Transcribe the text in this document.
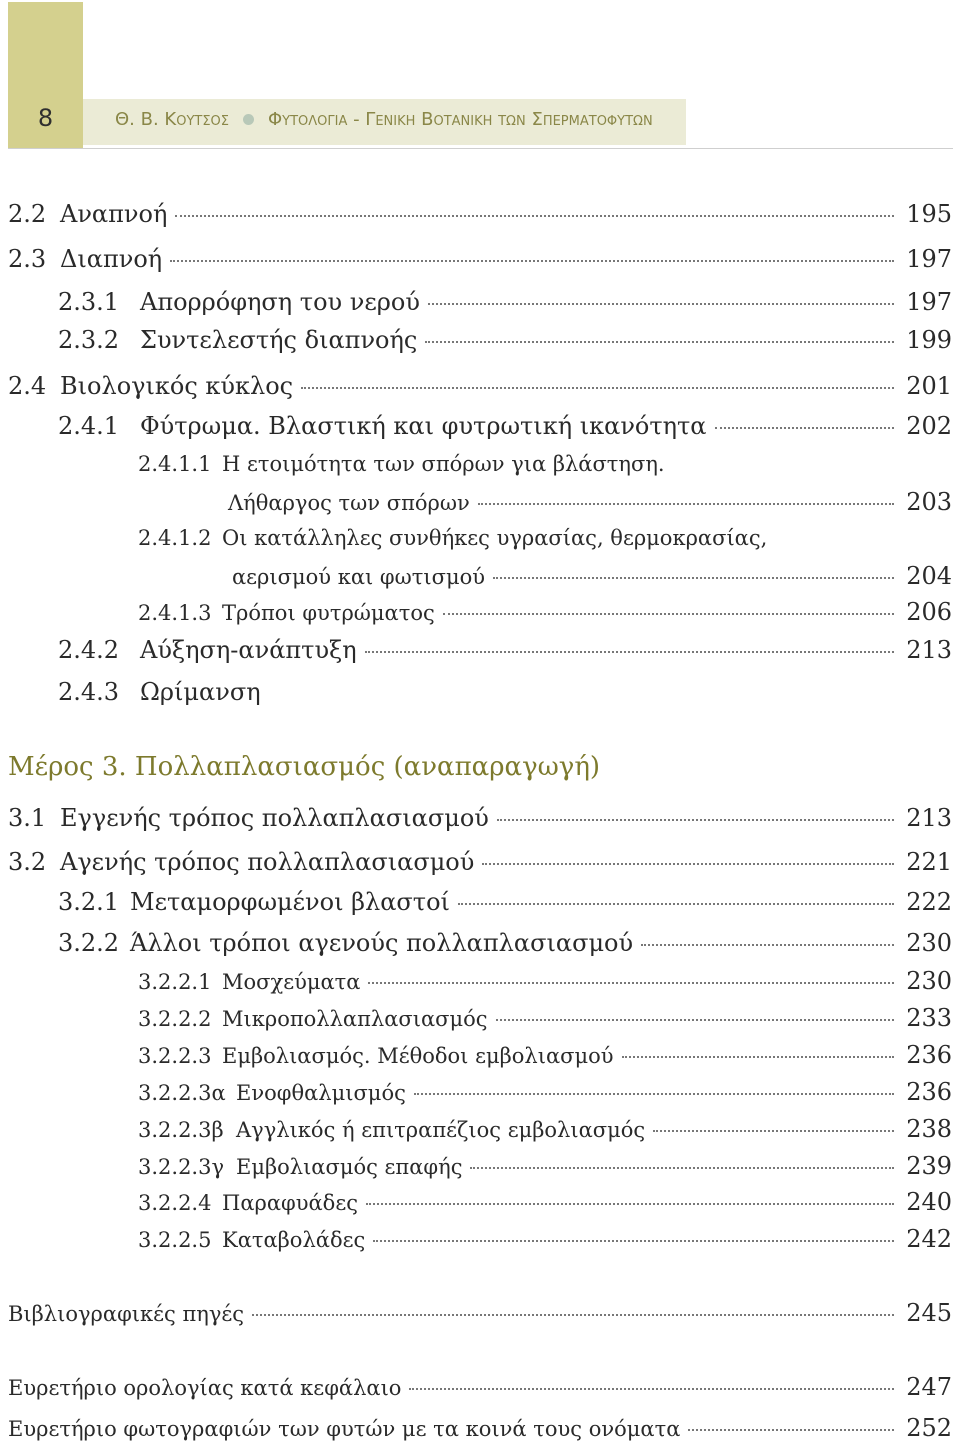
8	Θ. Β. Κουτσος Φυτολογια - Γενικη Βοτανικη των Σπερματοφυτων
2.2 Αναπνοή	195
2.3 Διαπνοή	197
2.3.1 Απορρόφηση του νερού	197
2.3.2 Συντελεστής διαπνοής	199
2.4 Βιολογικός κύκλος	201
2.4.1 Φύτρωμα. Βλαστική και φυτρωτική ικανότητα	202
2.4.1.1 Η ετοιμότητα των σπόρων για βλάστηση.
Λήθαργος των σπόρων	203
2.4.1.2 Οι κατάλληλες συνθήκες υγρασίας, θερμοκρασίας,
αερισμού και φωτισμού	204
2.4.1.3 Τρόποι φυτρώματος	206
2.4.2 Αύξηση-ανάπτυξη	213
2.4.3 Ωρίμανση
Μέρος 3. Πολλαπλασιασμός (αναπαραγωγή)
3.1 Εγγενής τρόπος πολλαπλασιασμού	213
3.2 Αγενής τρόπος πολλαπλασιασμού	221
3.2.1 Μεταμορφωμένοι βλαστοί	222
3.2.2 Άλλοι τρόποι αγενούς πολλαπλασιασμού	230
3.2.2.1 Μοσχεύματα	230
3.2.2.2 Μικροπολλαπλασιασμός	233
3.2.2.3 Εμβολιασμός. Μέθοδοι εμβολιασμού	236
3.2.2.3α Ενοφθαλμισμός	236
3.2.2.3β Αγγλικός ή επιτραπέζιος εμβολιασμός	238
3.2.2.3γ Εμβολιασμός επαφής	239
3.2.2.4 Παραφυάδες	240
3.2.2.5 Καταβολάδες	242
Βιβλιογραφικές πηγές	245
Ευρετήριο ορολογίας κατά κεφάλαιο	247
Ευρετήριο φωτογραφιών των φυτών με τα κοινά τους ονόματα	252
